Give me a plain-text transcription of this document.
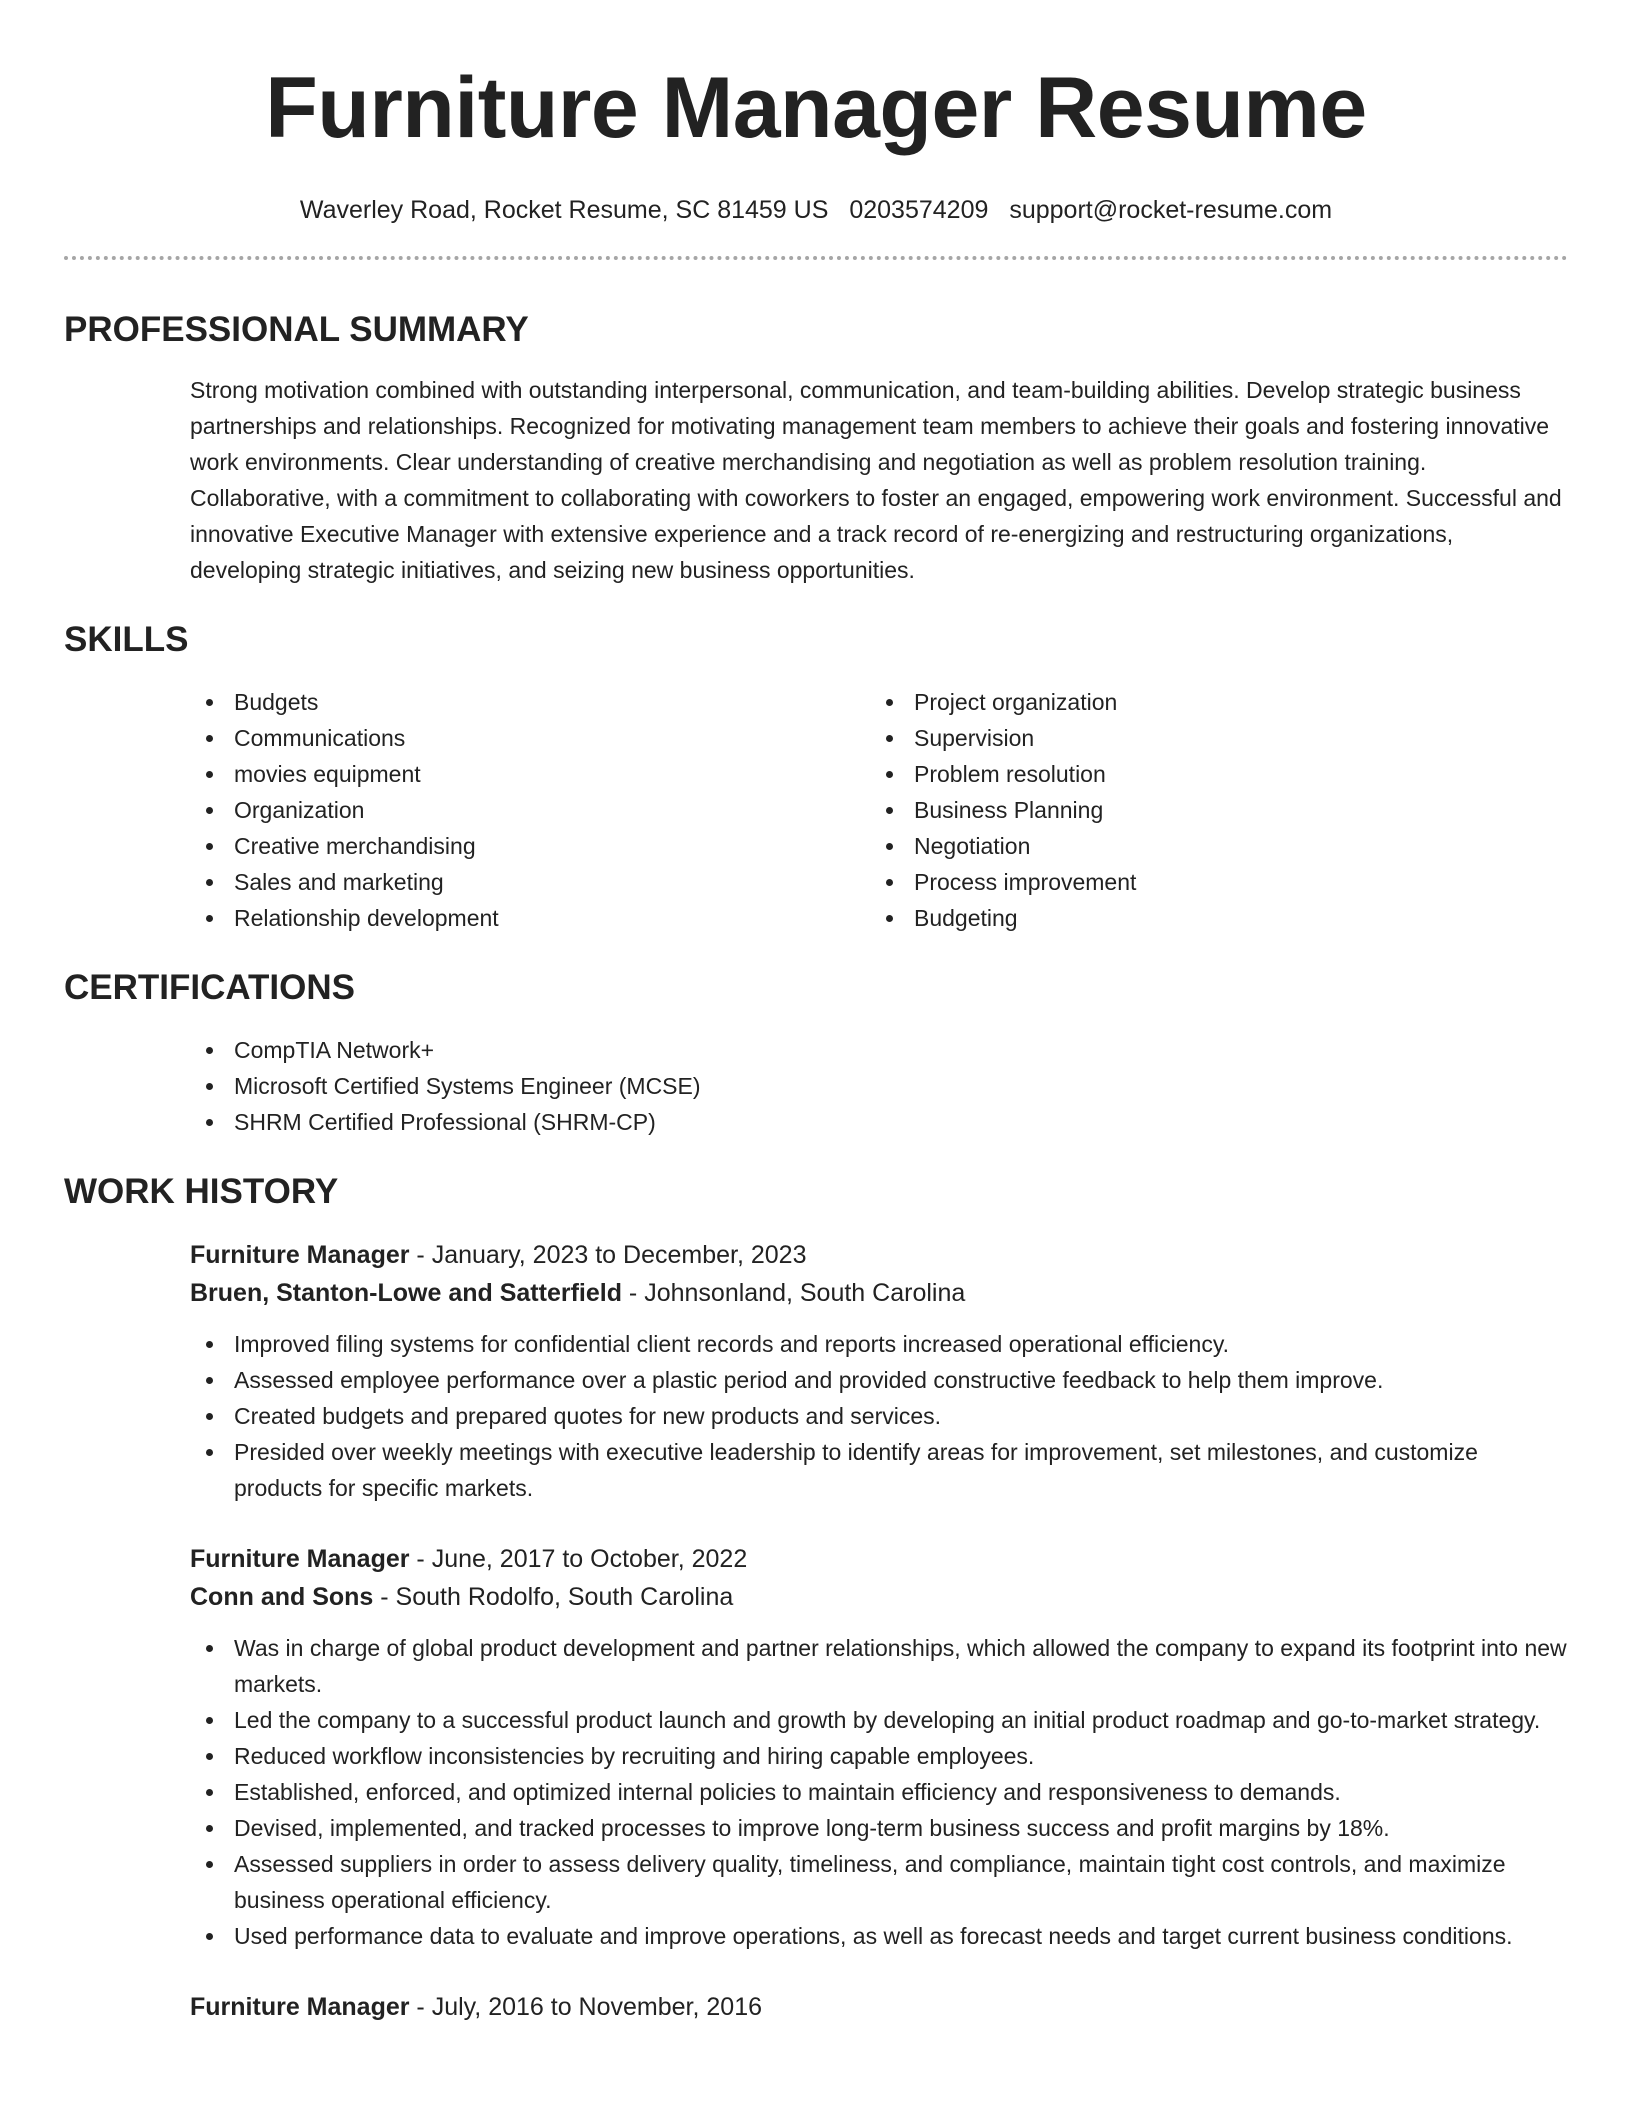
Furniture Manager Resume
Waverley Road, Rocket Resume, SC 81459 US 0203574209 support@rocket-resume.com
PROFESSIONAL SUMMARY

Strong motivation combined with outstanding interpersonal, communication, and team-building abilities. Develop strategic business partnerships and relationships. Recognized for motivating management team members to achieve their goals and fostering innovative work environments. Clear understanding of creative merchandising and negotiation as well as problem resolution training. Collaborative, with a commitment to collaborating with coworkers to foster an engaged, empowering work environment. Successful and innovative Executive Manager with extensive experience and a track record of re-energizing and restructuring organizations, developing strategic initiatives, and seizing new business opportunities.

SKILLS
Budgets
Communications
movies equipment
Organization
Creative merchandising
Sales and marketing
Relationship development
Project organization
Supervision
Problem resolution
Business Planning
Negotiation
Process improvement
Budgeting
CERTIFICATIONS
CompTIA Network+
Microsoft Certified Systems Engineer (MCSE)
SHRM Certified Professional (SHRM-CP)
WORK HISTORY
Furniture Manager - January, 2023 to December, 2023
Bruen, Stanton-Lowe and Satterfield - Johnsonland, South Carolina
Improved filing systems for confidential client records and reports increased operational efficiency.
Assessed employee performance over a plastic period and provided constructive feedback to help them improve.
Created budgets and prepared quotes for new products and services.
Presided over weekly meetings with executive leadership to identify areas for improvement, set milestones, and customize products for specific markets.
Furniture Manager - June, 2017 to October, 2022
Conn and Sons - South Rodolfo, South Carolina
Was in charge of global product development and partner relationships, which allowed the company to expand its footprint into new markets.
Led the company to a successful product launch and growth by developing an initial product roadmap and go-to-market strategy.
Reduced workflow inconsistencies by recruiting and hiring capable employees.
Established, enforced, and optimized internal policies to maintain efficiency and responsiveness to demands.
Devised, implemented, and tracked processes to improve long-term business success and profit margins by 18%.
Assessed suppliers in order to assess delivery quality, timeliness, and compliance, maintain tight cost controls, and maximize business operational efficiency.
Used performance data to evaluate and improve operations, as well as forecast needs and target current business conditions.
Furniture Manager - July, 2016 to November, 2016
